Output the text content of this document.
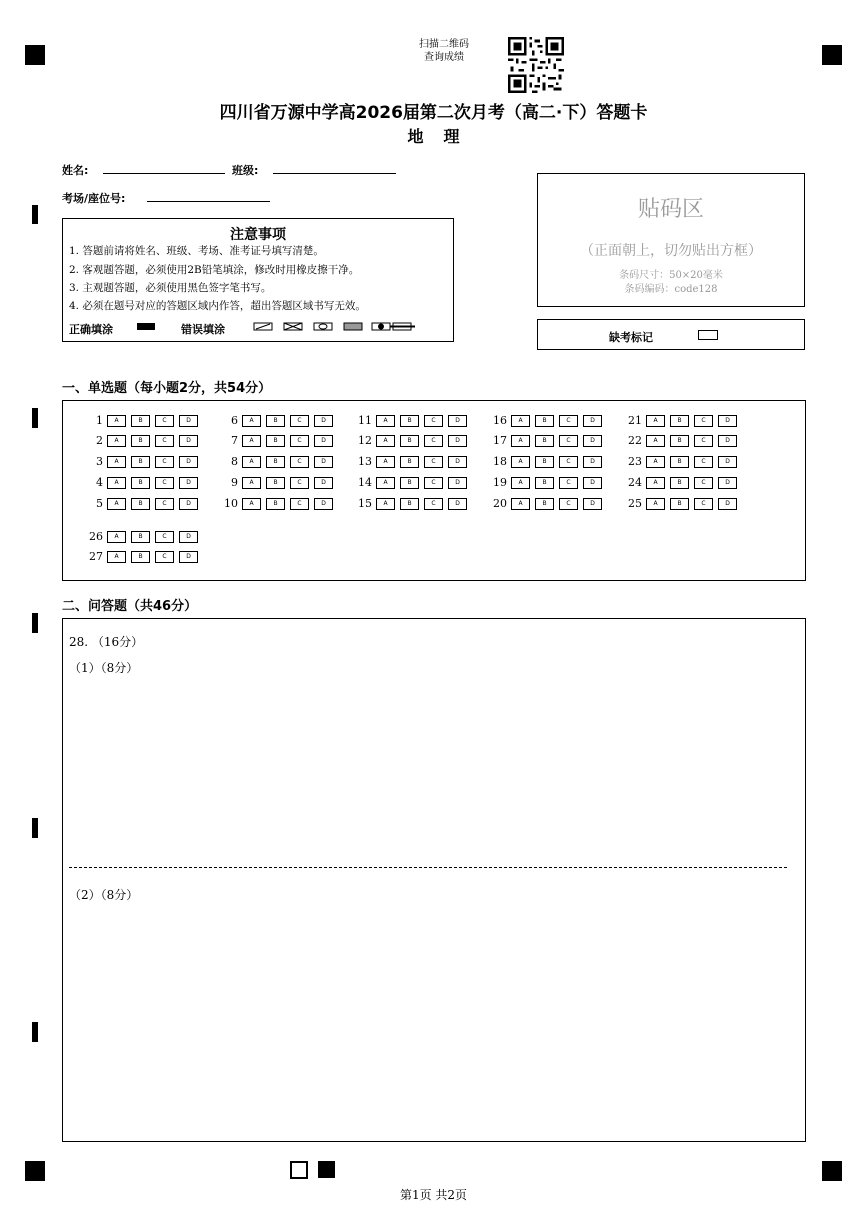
扫描二维码
查询成绩
四川省万源中学高2026届第二次月考（高二·下）答题卡
地理
姓名:	班级:
考场/座位号:
注意事项
1. 答题前请将姓名、班级、考场、准考证号填写清楚。
2. 客观题答题，必须使用2B铅笔填涂，修改时用橡皮擦干净。
3. 主观题答题，必须使用黑色签字笔书写。
4. 必须在题号对应的答题区域内作答，超出答题区域书写无效。
正确填涂	错误填涂
贴码区
（正面朝上，切勿贴出方框）
条码尺寸：50×20毫米
条码编码：code128
缺考标记
一、单选题（每小题2分，共54分）
1	A	B	C	D
2	A	B	C	D
3	A	B	C	D
4	A	B	C	D
5	A	B	C	D
6	A	B	C	D
7	A	B	C	D
8	A	B	C	D
9	A	B	C	D
10	A	B	C	D
11	A	B	C	D
12	A	B	C	D
13	A	B	C	D
14	A	B	C	D
15	A	B	C	D
16	A	B	C	D
17	A	B	C	D
18	A	B	C	D
19	A	B	C	D
20	A	B	C	D
21	A	B	C	D
22	A	B	C	D
23	A	B	C	D
24	A	B	C	D
25	A	B	C	D
26	A	B	C	D
27	A	B	C	D
二、问答题（共46分）
28. （16分）
（1）（8分）
（2）（8分）
第1页 共2页
